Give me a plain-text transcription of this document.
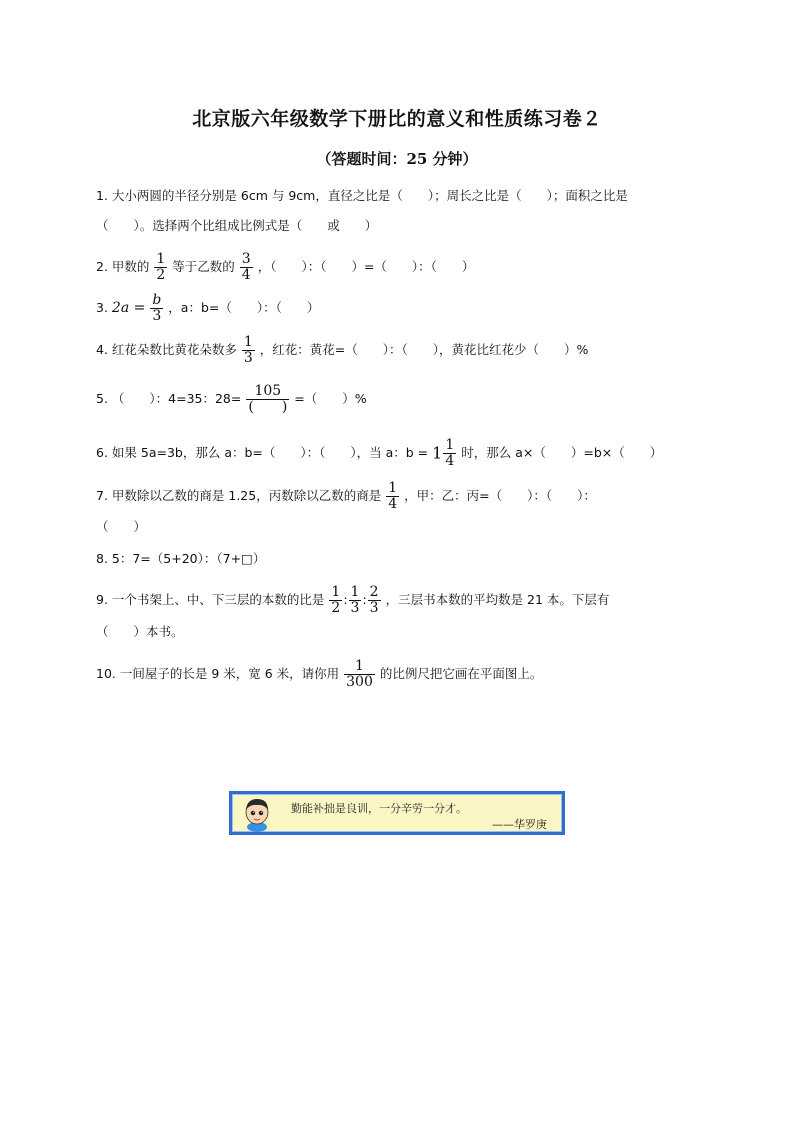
北京版六年级数学下册比的意义和性质练习卷２
（答题时间：25 分钟）
1. 大小两圆的半径分别是 6cm 与 9cm，直径之比是（　　）；周长之比是（　　）；面积之比是
（　　）。选择两个比组成比例式是（　　或　　）
2. 甲数的 $\frac{1}{2}$ 等于乙数的 $\frac{3}{4}$ ，（　　）：（　　）=（　　）：（　　）
3. $2a = \frac{b}{3}$ ，a：b=（　　）：（　　）
4. 红花朵数比黄花朵数多 $\frac{1}{3}$ ，红花：黄花=（　　）：（　　），黄花比红花少（　　）%
5. （　　）：4=35：$28= \frac{105}{( )}$ =（　　）%
6. 如果 5a=3b，那么 a：b=（　　）：（　　），当 a：$b = 1 \frac{1}{4}$ 时，那么 a×（　　）=b×（　　）
7. 甲数除以乙数的商是 1.25，丙数除以乙数的商是 $\frac{1}{4}$ ，甲：乙：丙=（　　）：（　　）：
（　　）
8. 5：7=（5+20）：（7+□）
9. 一个书架上、中、下三层的本数的比是 $\frac{1}{2}$ : $\frac{1}{3}$ : $\frac{2}{3}$ ，三层书本数的平均数是 21 本。下层有
（　　）本书。
10. 一间屋子的长是 9 米，宽 6 米，请你用 $\frac{1}{300}$ 的比例尺把它画在平面图上。
勤能补拙是良训，一分辛劳一分才。
——华罗庚
